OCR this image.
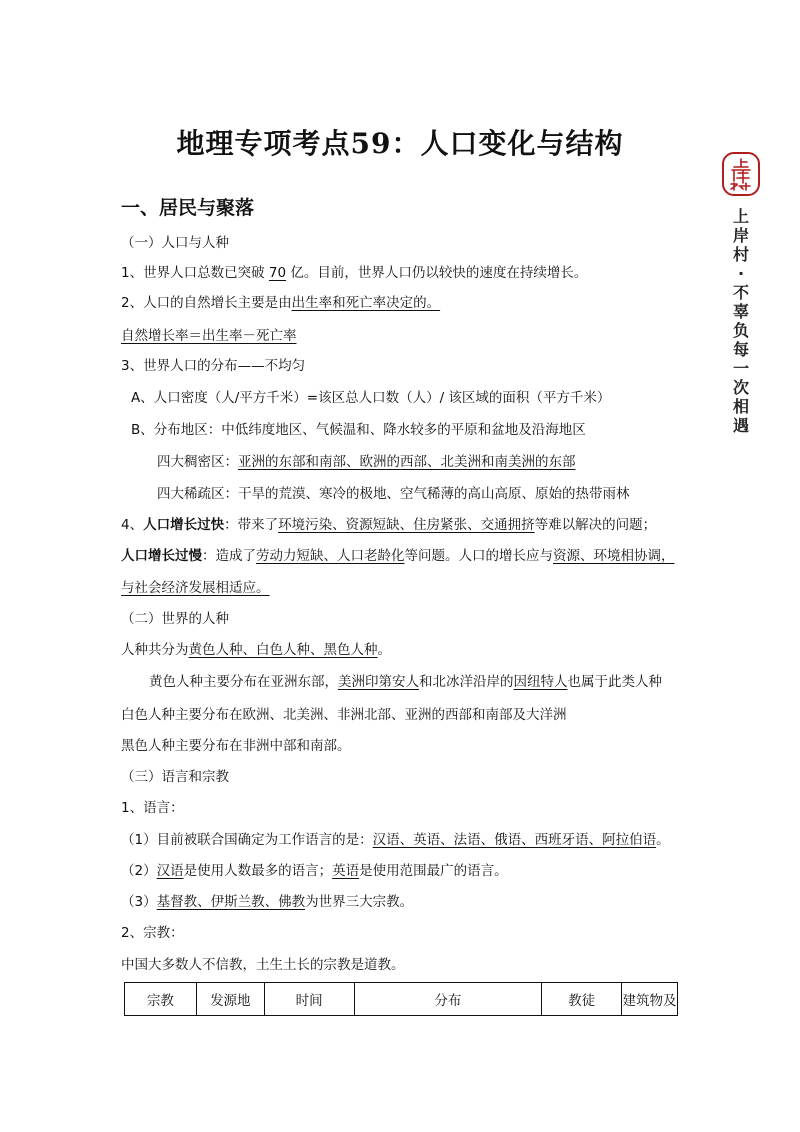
地理专项考点59：人口变化与结构
上
岸
村
·
不
辜
负
每
一
次
相
遇
一、居民与聚落
（一）人口与人种
1、世界人口总数已突破 70 亿。目前，世界人口仍以较快的速度在持续增长。
2、人口的自然增长主要是由出生率和死亡率决定的。
自然增长率＝出生率－死亡率
3、世界人口的分布——不均匀
A、人口密度（人/平方千米）=该区总人口数（人）/ 该区域的面积（平方千米）
B、分布地区：中低纬度地区、气候温和、降水较多的平原和盆地及沿海地区
四大稠密区：亚洲的东部和南部、欧洲的西部、北美洲和南美洲的东部
四大稀疏区：干旱的荒漠、寒冷的极地、空气稀薄的高山高原、原始的热带雨林
4、人口增长过快：带来了环境污染、资源短缺、住房紧张、交通拥挤等难以解决的问题；
人口增长过慢：造成了劳动力短缺、人口老龄化等问题。人口的增长应与资源、环境相协调，
与社会经济发展相适应。
（二）世界的人种
人种共分为黄色人种、白色人种、黑色人种。
黄色人种主要分布在亚洲东部，美洲印第安人和北冰洋沿岸的因纽特人也属于此类人种
白色人种主要分布在欧洲、北美洲、非洲北部、亚洲的西部和南部及大洋洲
黑色人种主要分布在非洲中部和南部。
（三）语言和宗教
1、语言：
（1）目前被联合国确定为工作语言的是：汉语、英语、法语、俄语、西班牙语、阿拉伯语。
（2）汉语是使用人数最多的语言；英语是使用范围最广的语言。
（3）基督教、伊斯兰教、佛教为世界三大宗教。
2、宗教：
中国大多数人不信教，土生土长的宗教是道教。
宗教	发源地	时间	分布	教徒	建筑物及
